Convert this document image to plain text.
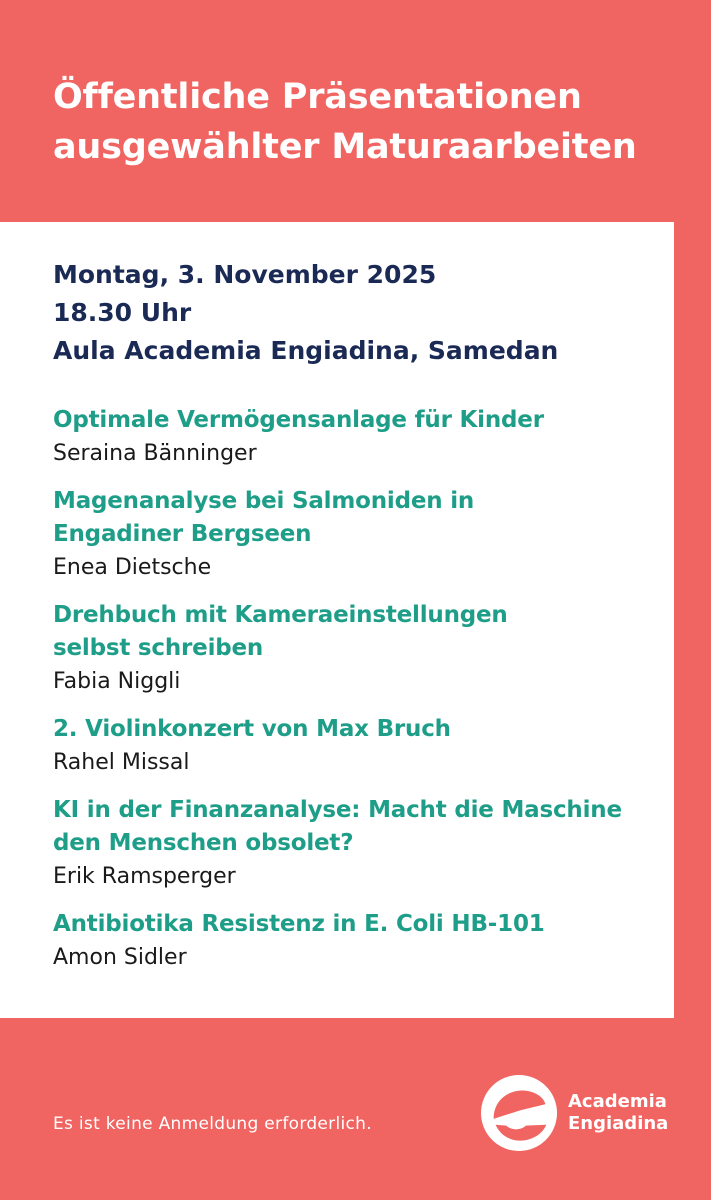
Öffentliche Präsentationen
ausgewählter Maturaarbeiten

Montag, 3. November 2025
18.30 Uhr
Aula Academia Engiadina, Samedan

Optimale Vermögensanlage für Kinder
Seraina Bänninger
Magenanalyse bei Salmoniden in
Engadiner Bergseen
Enea Dietsche
Drehbuch mit Kameraeinstellungen
selbst schreiben
Fabia Niggli
2. Violinkonzert von Max Bruch
Rahel Missal
KI in der Finanzanalyse: Macht die Maschine
den Menschen obsolet?
Erik Ramsperger
Antibiotika Resistenz in E. Coli HB-101
Amon Sidler
Es ist keine Anmeldung erforderlich.
Academia
Engiadina
